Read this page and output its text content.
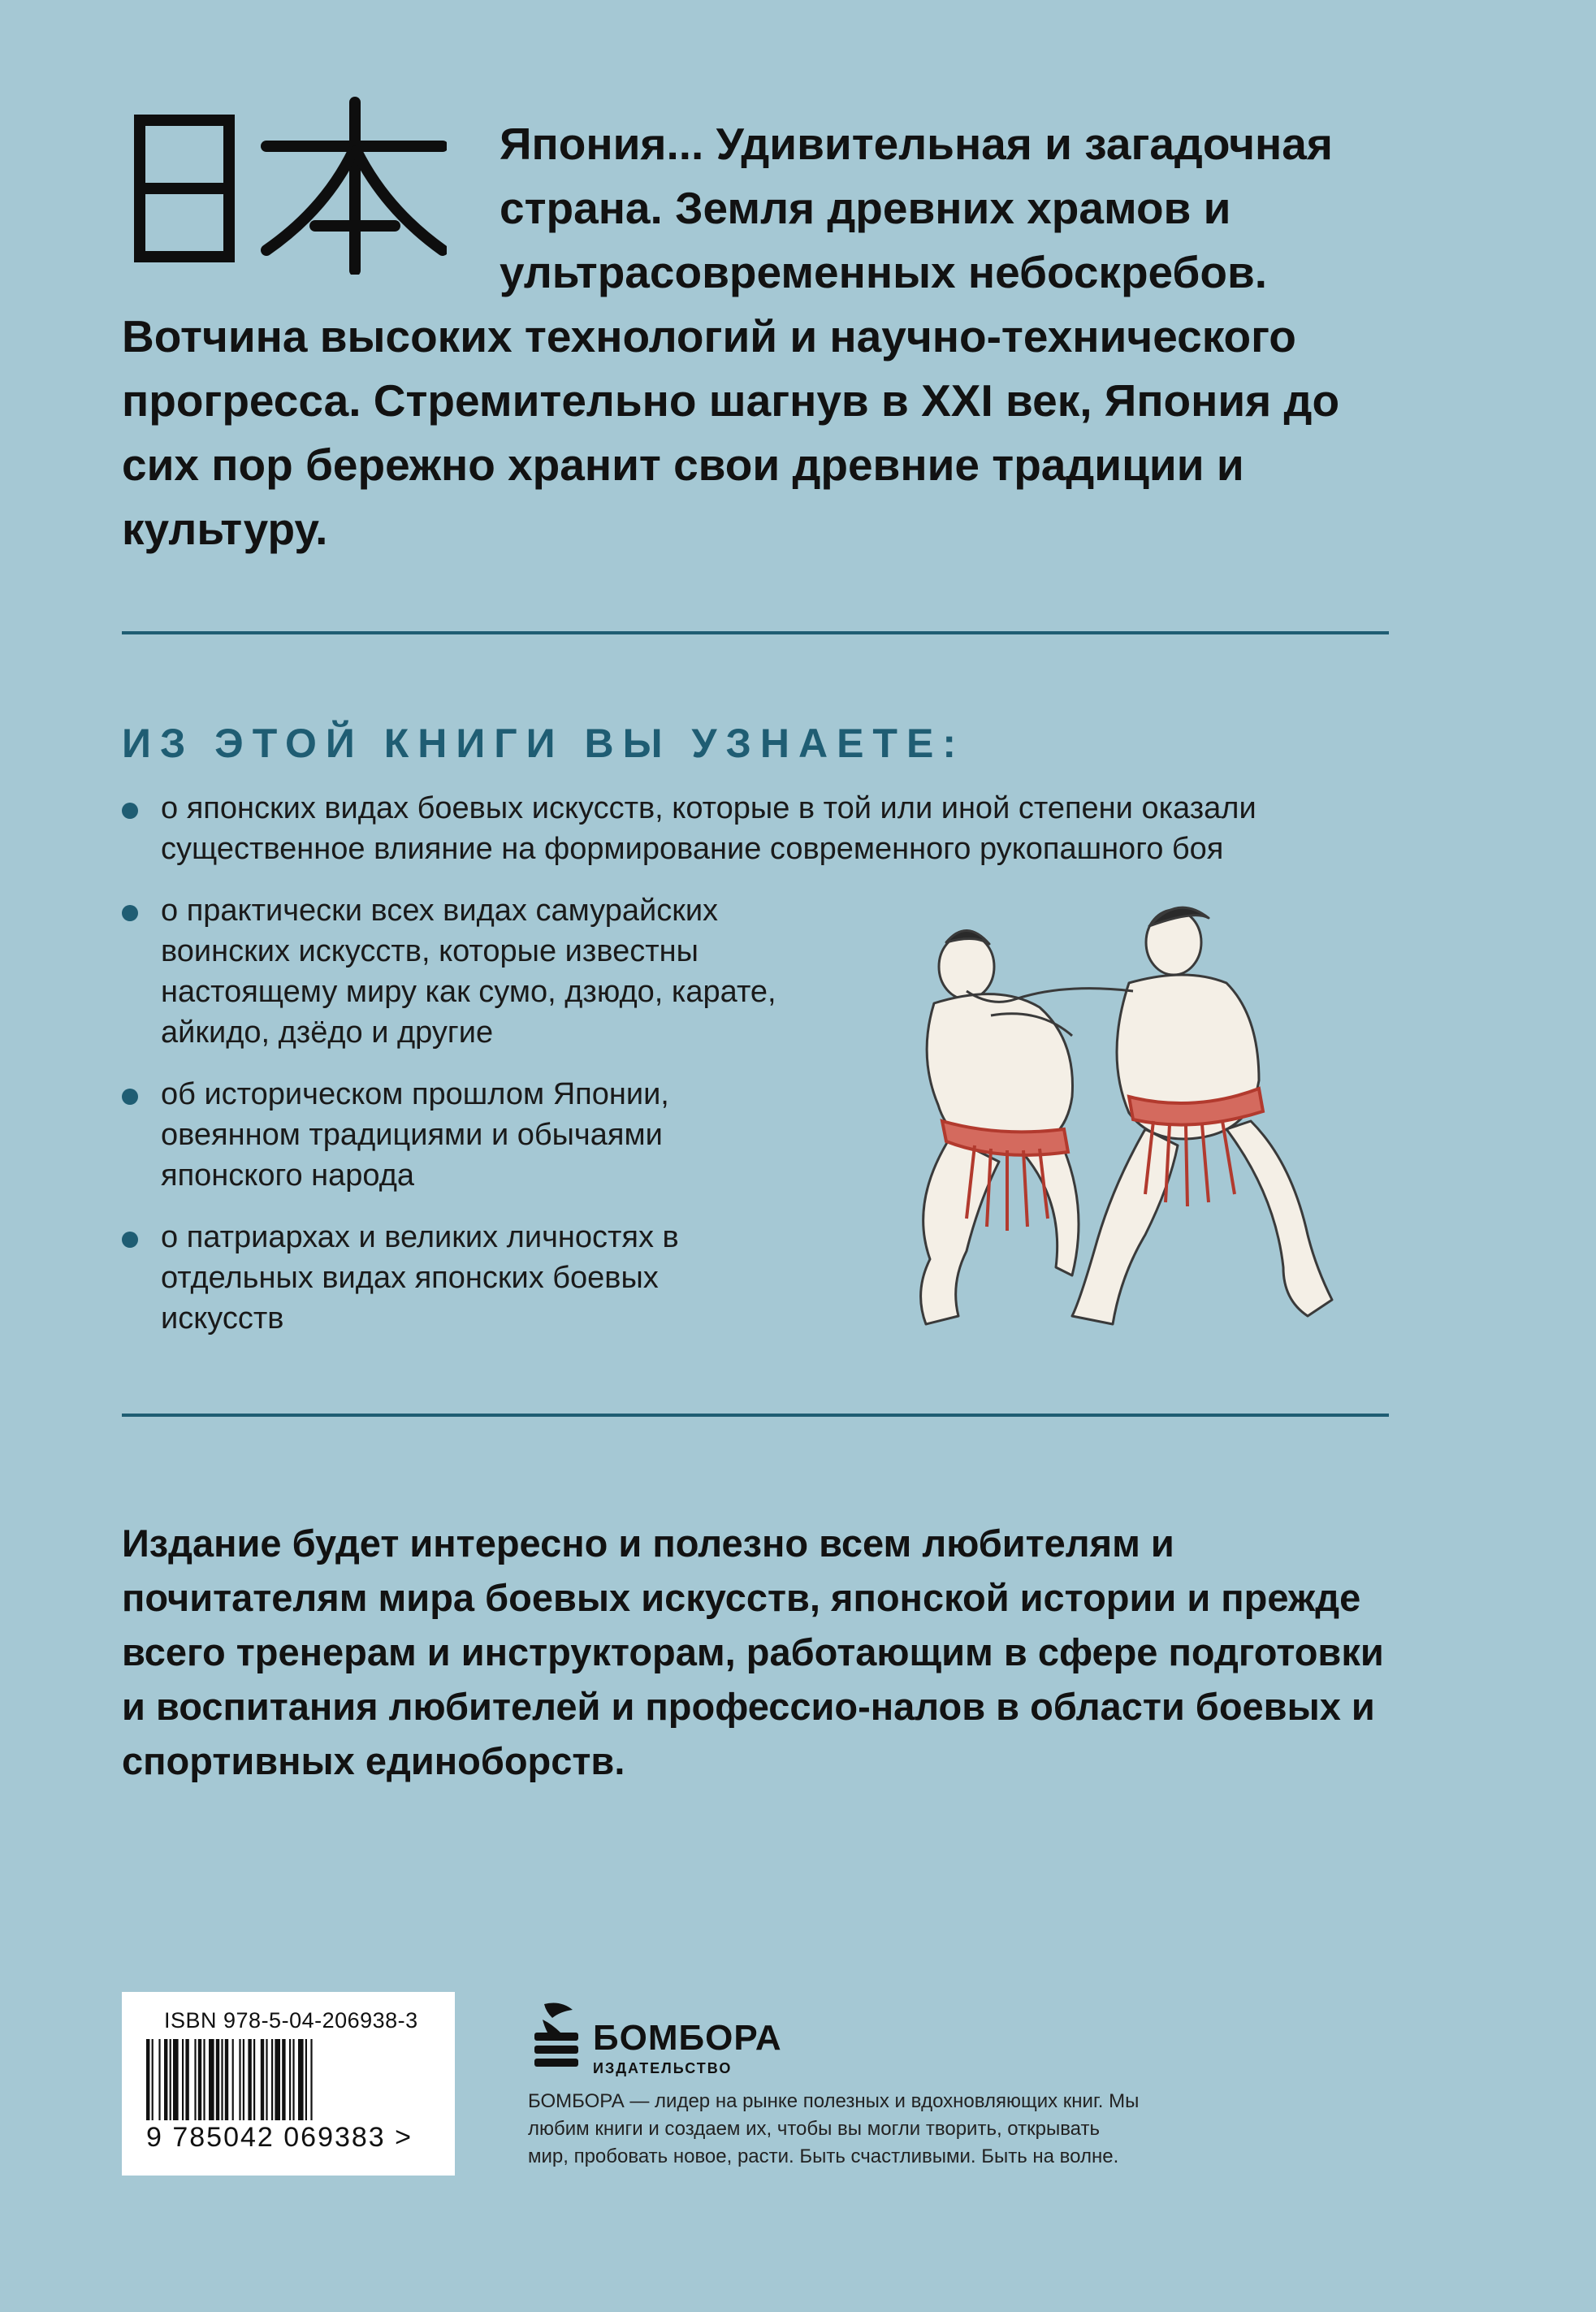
Япония... Удивительная и загадочная
страна. Земля древних храмов и
ультрасовременных небоскребов.
Вотчина высоких технологий и научно-технического прогресса. Стремительно шагнув в XXI век, Япония до сих пор бережно хранит свои древние традиции и культуру.
ИЗ ЭТОЙ КНИГИ ВЫ УЗНАЕТЕ:
о японских видах боевых искусств, которые в той или иной степени оказали существенное влияние на формирование современного рукопашного боя
о практически всех видах самурайских воинских искусств, которые известны настоящему миру как сумо, дзюдо, карате, айкидо, дзёдо и другие
об историческом прошлом Японии, овеянном традициями и обычаями японского народа
о патриархах и великих личностях в отдельных видах японских боевых искусств
Издание будет интересно и полезно всем любителям и почитателям мира боевых искусств, японской истории и прежде всего тренерам и инструкторам, работающим в сфере подготовки и воспитания любителей и профессио-налов в области боевых и спортивных единоборств.
ISBN 978-5-04-206938-3
9 785042 069383 >
БОМБОРА
ИЗДАТЕЛЬСТВО
БОМБОРА — лидер на рынке полезных и вдохновляющих книг. Мы любим книги и создаем их, чтобы вы могли творить, открывать мир, пробовать новое, расти. Быть счастливыми. Быть на волне.
